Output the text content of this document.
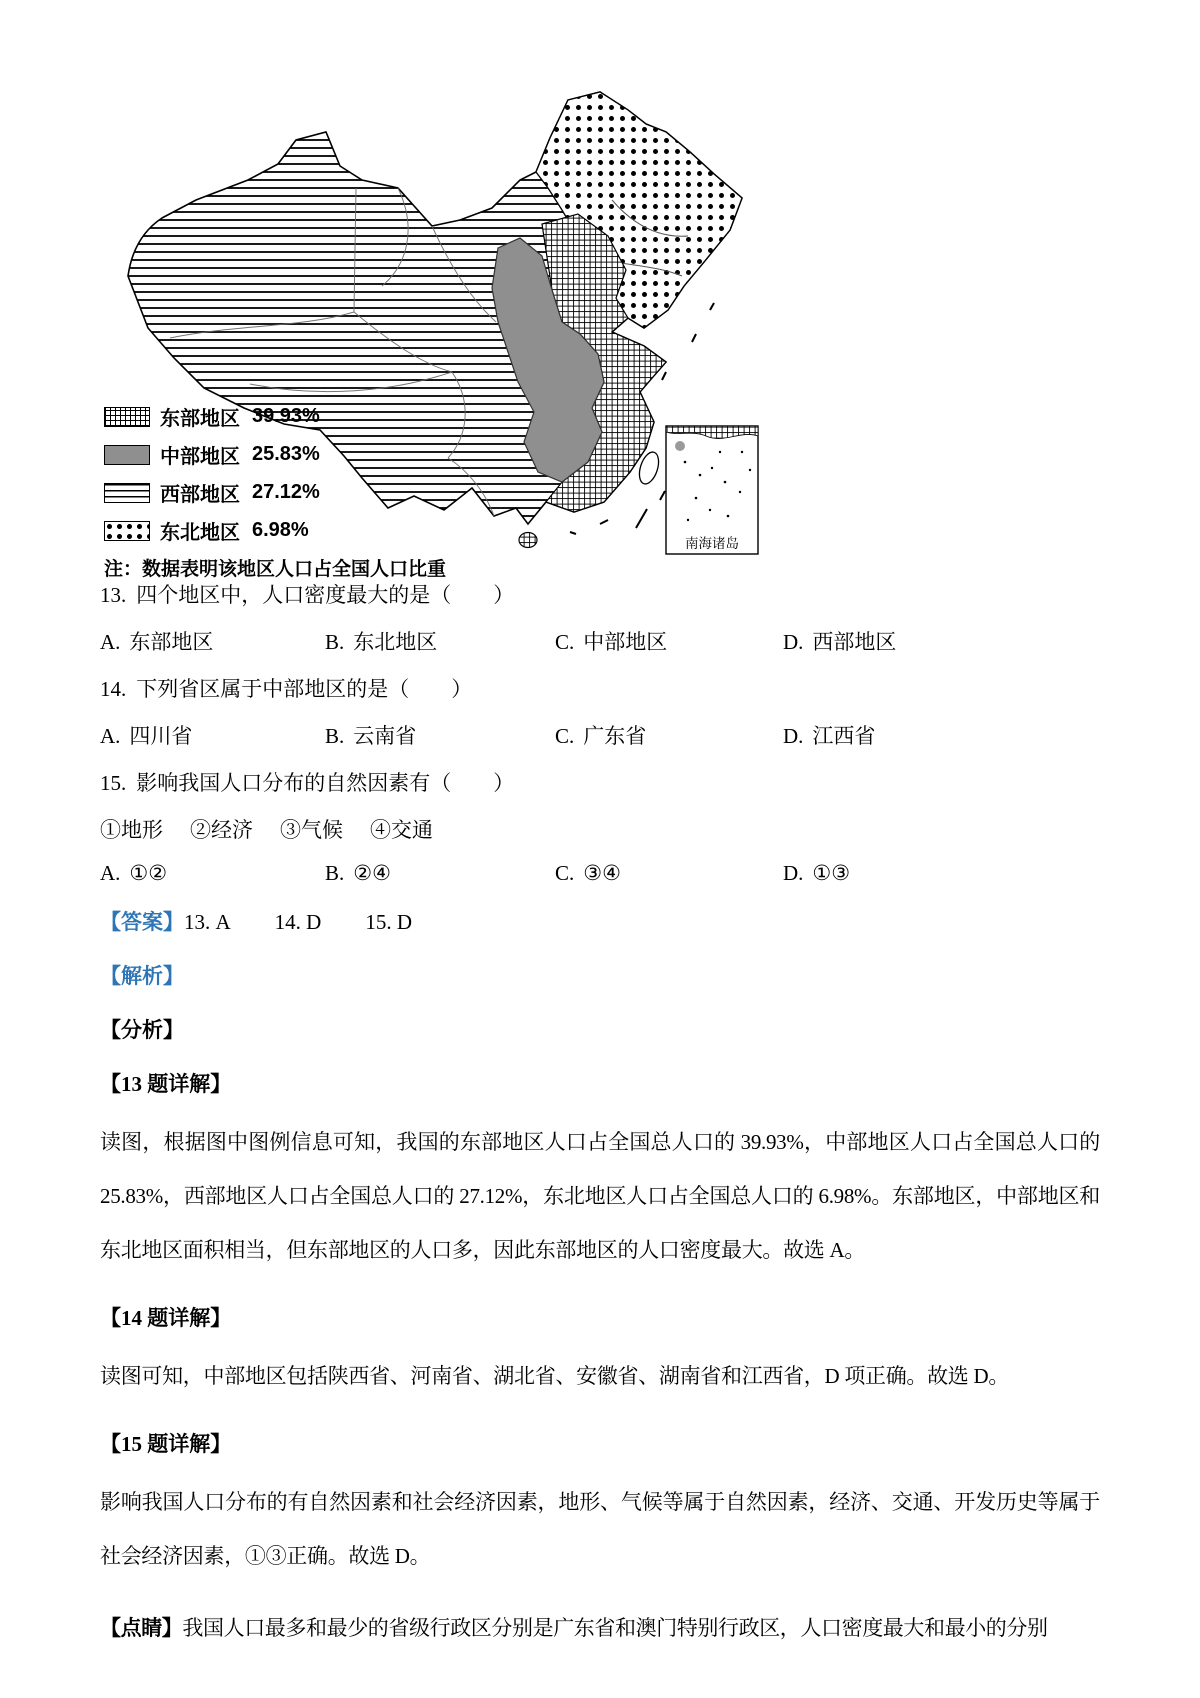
南海诸岛
东部地区 39.93%
中部地区 25.83%
西部地区 27.12%
东北地区 6.98%
注：数据表明该地区人口占全国人口比重
13. 四个地区中，人口密度最大的是（　　）
A. 东部地区	B. 东北地区	C. 中部地区	D. 西部地区
14. 下列省区属于中部地区的是（　　）
A. 四川省	B. 云南省	C. 广东省	D. 江西省
15. 影响我国人口分布的自然因素有（　　）
①地形 ②经济 ③气候 ④交通
A. ①②	B. ②④	C. ③④	D. ①③
【答案】13. A 14. D 15. D
【解析】
【分析】
【13 题详解】
读图，根据图中图例信息可知，我国的东部地区人口占全国总人口的 39.93%，中部地区人口占全国总人口的 25.83%，西部地区人口占全国总人口的 27.12%，东北地区人口占全国总人口的 6.98%。东部地区，中部地区和东北地区面积相当，但东部地区的人口多，因此东部地区的人口密度最大。故选 A。
【14 题详解】
读图可知，中部地区包括陕西省、河南省、湖北省、安徽省、湖南省和江西省，D 项正确。故选 D。
【15 题详解】
影响我国人口分布的有自然因素和社会经济因素，地形、气候等属于自然因素，经济、交通、开发历史等属于社会经济因素，①③正确。故选 D。
【点睛】我国人口最多和最少的省级行政区分别是广东省和澳门特别行政区，人口密度最大和最小的分别
